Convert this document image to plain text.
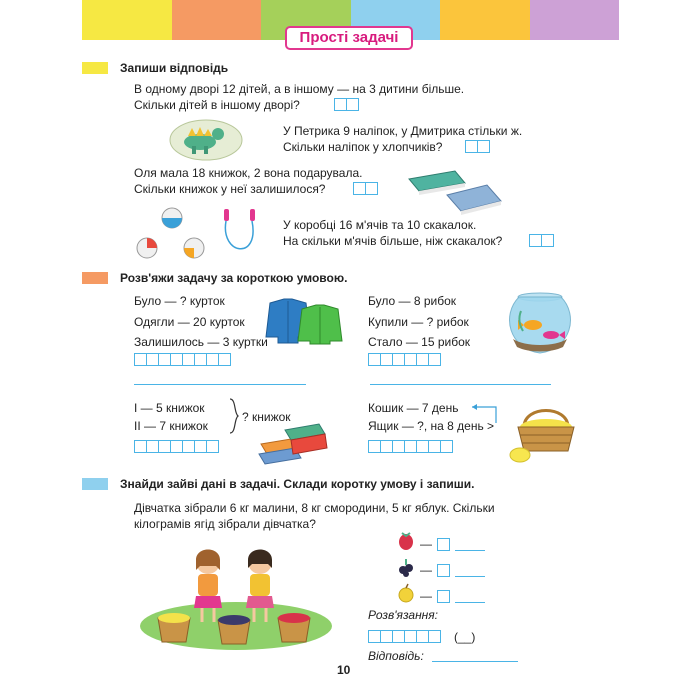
Прості задачі
Запиши відповідь
В одному дворі 12 дітей, а в іншому — на 3 дитини більше.
Скільки дітей в іншому дворі?
У Петрика 9 наліпок, у Дмитрика стільки ж.
Скільки наліпок у хлопчиків?
Оля мала 18 книжок, 2 вона подарувала.
Скільки книжок у неї залишилося?
У коробці 16 м'ячів та 10 скакалок.
На скільки м'ячів більше, ніж скакалок?
Розв'яжи задачу за короткою умовою.
Було — ? курток
Одягли — 20 курток
Залишилось — 3 куртки
Було — 8 рибок
Купили — ? рибок
Стало — 15 рибок
I — 5 книжок
II — 7 книжок
? книжок
Кошик — 7 день
Ящик — ?, на 8 день >
Знайди зайві дані в задачі. Склади коротку умову і запиши.
Дівчатка зібрали 6 кг малини, 8 кг смородини, 5 кг яблук. Скільки
кілограмів ягід зібрали дівчатка?
—
—
—
Розв'язання:
(__)
Відповідь:
10
